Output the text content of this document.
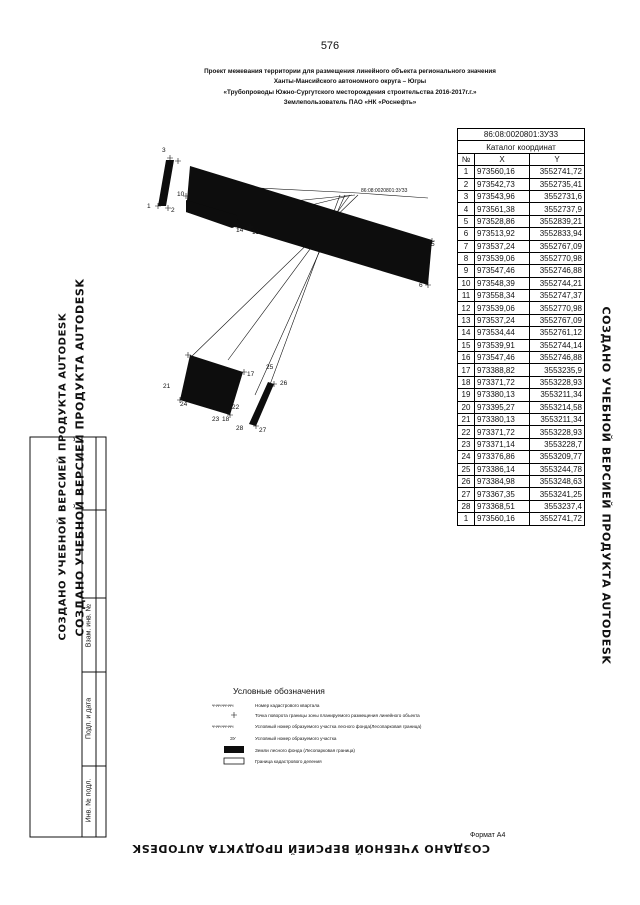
576
Проект межевания территории для размещения линейного объекта регионального значения
Ханты-Мансийского автономного округа – Югры
«Трубопроводы Южно-Сургутского месторождения строительства 2016-2017г.г.»
Землепользователь ПАО «НК «Роснефть»
3
1
2
10
5
6
14 13
17
21
22
23 18
24
25
26
27
28
86:08:0020801:3УЗ3
86:08:0020801:3УЗ3		
Каталог координат		
№	X	Y
1	973560,16	3552741,72
2	973542,73	3552735,41
3	973543,96	3552731,6
4	973561,38	3552737,9
5	973528,86	3552839,21
6	973513,92	3552833,94
7	973537,24	3552767,09
8	973539,06	3552770,98
9	973547,46	3552746,88
10	973548,39	3552744,21
11	973558,34	3552747,37
12	973539,06	3552770,98
13	973537,24	3552767,09
14	973534,44	3552761,12
15	973539,91	3552744,14
16	973547,46	3552746,88
17	973388,82	3553235,9
18	973371,72	3553228,93
19	973380,13	3553211,34
20	973395,27	3553214,58
21	973380,13	3553211,34
22	973371,72	3553228,93
23	973371,14	3553228,7
24	973376,86	3553209,77
25	973386,14	3553244,78
26	973384,98	3553248,63
27	973367,35	3553241,25
28	973368,51	3553237,4
1	973560,16	3552741,72
СОЗДАНО УЧЕБНОЙ ВЕРСИЕЙ ПРОДУКТА AUTODESK	СОЗДАНО УЧЕБНОЙ ВЕРСИЕЙ ПРОДУКТА AUTODESK
СОЗДАНО УЧЕБНОЙ ВЕРСИЕЙ ПРОДУКТА AUTODESK
СОЗДАНО УЧЕБНОЙ ВЕРСИЕЙ ПРОДУКТА AUTODESK Взам. инв. №
Подп. и дата
Инв. № подл.
Условные обозначения
ччччччччч	Номер кадастрового квартала
Точка поворота границы зоны планируемого размещения линейного объекта
ччччччччч	Условный номер образуемого участка лесного фонда(Лесопарковая граница)
ЗУ	Условный номер образуемого участка
Земли лесного фонда (Лесопарковая граница)
Граница кадастрового деления
Формат А4
